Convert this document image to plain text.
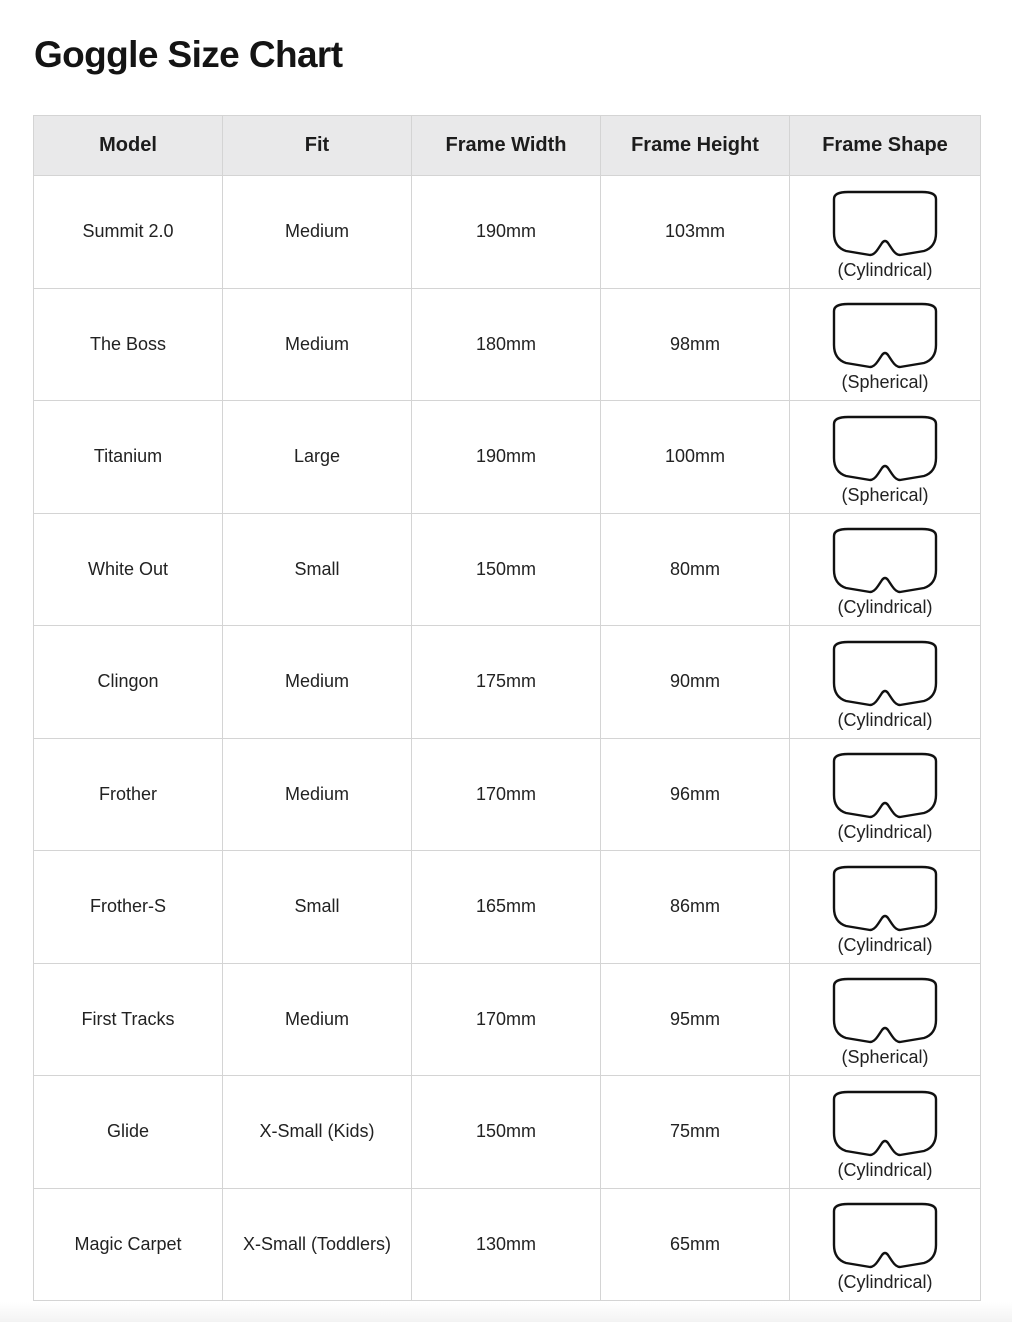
Goggle Size Chart
Model	Fit	Frame Width	Frame Height	Frame Shape
Summit 2.0	Medium	190mm	103mm	(Cylindrical)

The Boss	Medium	180mm	98mm	(Spherical)

Titanium	Large	190mm	100mm	(Spherical)

White Out	Small	150mm	80mm	(Cylindrical)

Clingon	Medium	175mm	90mm	(Cylindrical)

Frother	Medium	170mm	96mm	(Cylindrical)

Frother-S	Small	165mm	86mm	(Cylindrical)

First Tracks	Medium	170mm	95mm	(Spherical)

Glide	X-Small (Kids)	150mm	75mm	(Cylindrical)

Magic Carpet	X-Small (Toddlers)	130mm	65mm	(Cylindrical)
